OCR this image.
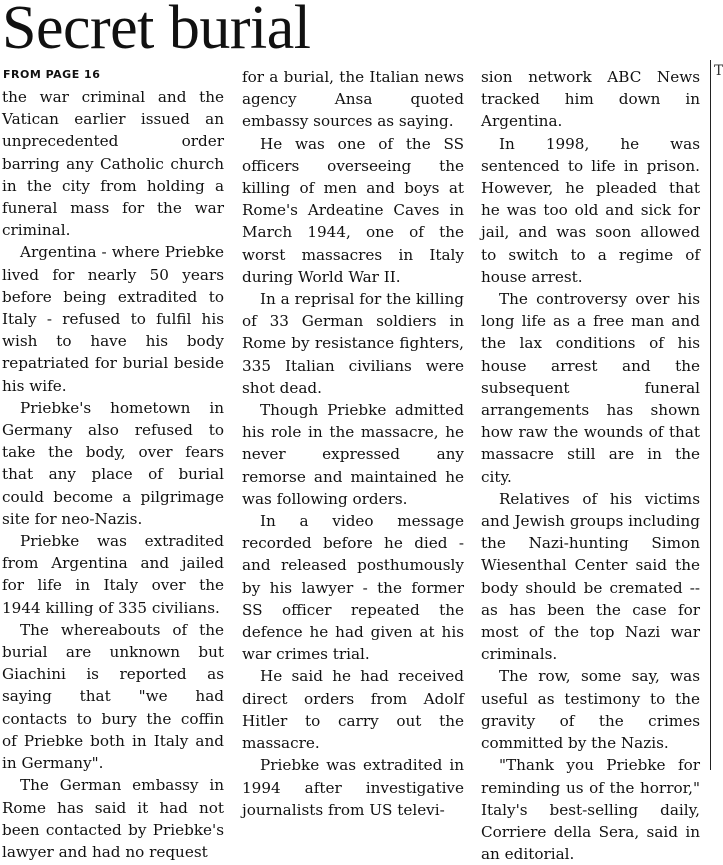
Secret burial
FROM PAGE 16

the war criminal and the Vatican earlier issued an unprecedented order barring any Catholic church in the city from holding a funeral mass for the war criminal.

Argentina - where Priebke lived for nearly 50 years before being extradited to Italy - refused to fulfil his wish to have his body repatriated for burial beside his wife.

Priebke's hometown in Germany also refused to take the body, over fears that any place of burial could become a pilgrimage site for neo-Nazis.

Priebke was extradited from Argentina and jailed for life in Italy over the 1944 killing of 335 civilians.

The whereabouts of the burial are unknown but Giachini is reported as saying that "we had contacts to bury the coffin of Priebke both in Italy and in Germany".

The German embassy in Rome has said it had not been contacted by Priebke's lawyer and had no request

for a burial, the Italian news agency Ansa quoted embassy sources as saying.

He was one of the SS officers overseeing the killing of men and boys at Rome's Ardeatine Caves in March 1944, one of the worst massacres in Italy during World War II.

In a reprisal for the killing of 33 German soldiers in Rome by resistance fighters, 335 Italian civilians were shot dead.

Though Priebke admitted his role in the massacre, he never expressed any remorse and maintained he was following orders.

In a video message recorded before he died - and released posthumously by his lawyer - the former SS officer repeated the defence he had given at his war crimes trial.

He said he had received direct orders from Adolf Hitler to carry out the massacre.

Priebke was extradited in 1994 after investigative journalists from US televi-

sion network ABC News tracked him down in Argentina.

In 1998, he was sentenced to life in prison. However, he pleaded that he was too old and sick for jail, and was soon allowed to switch to a regime of house arrest.

The controversy over his long life as a free man and the lax conditions of his house arrest and the subsequent funeral arrangements has shown how raw the wounds of that massacre still are in the city.

Relatives of his victims and Jewish groups including the Nazi-hunting Simon Wiesenthal Center said the body should be cremated -- as has been the case for most of the top Nazi war criminals.

The row, some say, was useful as testimony to the gravity of the crimes committed by the Nazis.

"Thank you Priebke for reminding us of the horror," Italy's best-selling daily, Corriere della Sera, said in an editorial.

T
